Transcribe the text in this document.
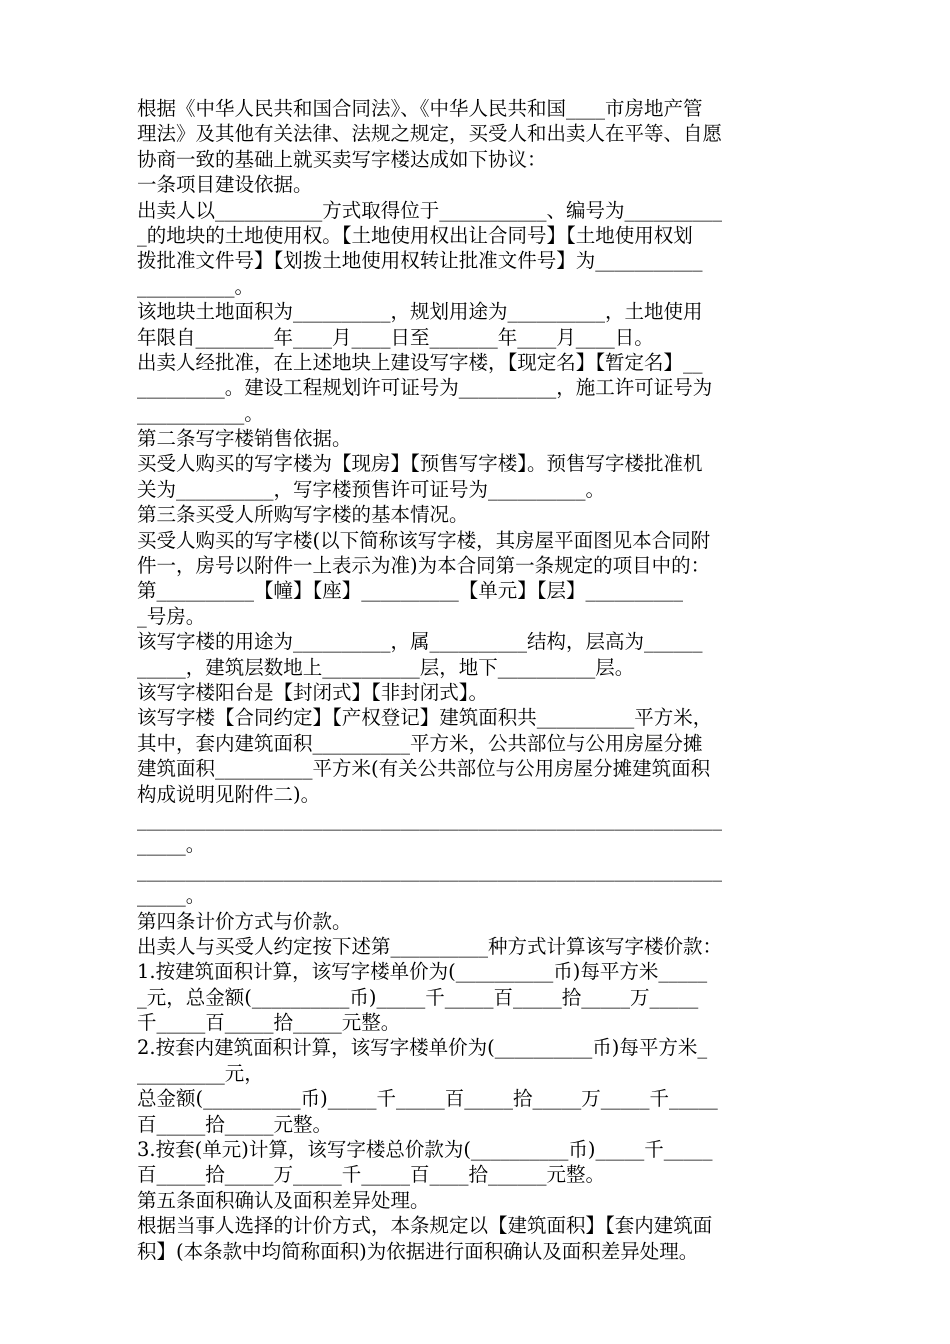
根据《中华人民共和国合同法》、《中华人民共和国____市房地产管
理法》及其他有关法律、法规之规定，买受人和出卖人在平等、自愿
协商一致的基础上就买卖写字楼达成如下协议：
一条项目建设依据。
出卖人以___________方式取得位于___________、编号为__________
_的地块的土地使用权。【土地使用权出让合同号】【土地使用权划
拨批准文件号】【划拨土地使用权转让批准文件号】为___________
__________。
该地块土地面积为__________，规划用途为__________，土地使用
年限自________年____月____日至_______年____月____日。
出卖人经批准，在上述地块上建设写字楼，【现定名】【暂定名】__
_________。建设工程规划许可证号为__________，施工许可证号为
___________。
第二条写字楼销售依据。
买受人购买的写字楼为【现房】【预售写字楼】。预售写字楼批准机
关为__________，写字楼预售许可证号为__________。
第三条买受人所购写字楼的基本情况。
买受人购买的写字楼(以下简称该写字楼，其房屋平面图见本合同附
件一，房号以附件一上表示为准)为本合同第一条规定的项目中的：
第__________【幢】【座】__________【单元】【层】__________
_号房。
该写字楼的用途为__________，属__________结构，层高为______
_____，建筑层数地上__________层，地下__________层。
该写字楼阳台是【封闭式】【非封闭式】。
该写字楼【合同约定】【产权登记】建筑面积共__________平方米，
其中，套内建筑面积__________平方米，公共部位与公用房屋分摊
建筑面积__________平方米(有关公共部位与公用房屋分摊建筑面积
构成说明见附件二)。
____________________________________________________________
_____。
____________________________________________________________
_____。
第四条计价方式与价款。
出卖人与买受人约定按下述第__________种方式计算该写字楼价款：
1.按建筑面积计算，该写字楼单价为(__________币)每平方米_____
_元，总金额(__________币)_____千_____百_____拾_____万_____
千_____百_____拾_____元整。
2.按套内建筑面积计算，该写字楼单价为(__________币)每平方米_
_________元，
总金额(__________币)_____千_____百_____拾_____万_____千_____
百_____拾_____元整。
3.按套(单元)计算，该写字楼总价款为(__________币)_____千_____
百_____拾_____万_____千_____百____拾______元整。
第五条面积确认及面积差异处理。
根据当事人选择的计价方式，本条规定以【建筑面积】【套内建筑面
积】(本条款中均简称面积)为依据进行面积确认及面积差异处理。
